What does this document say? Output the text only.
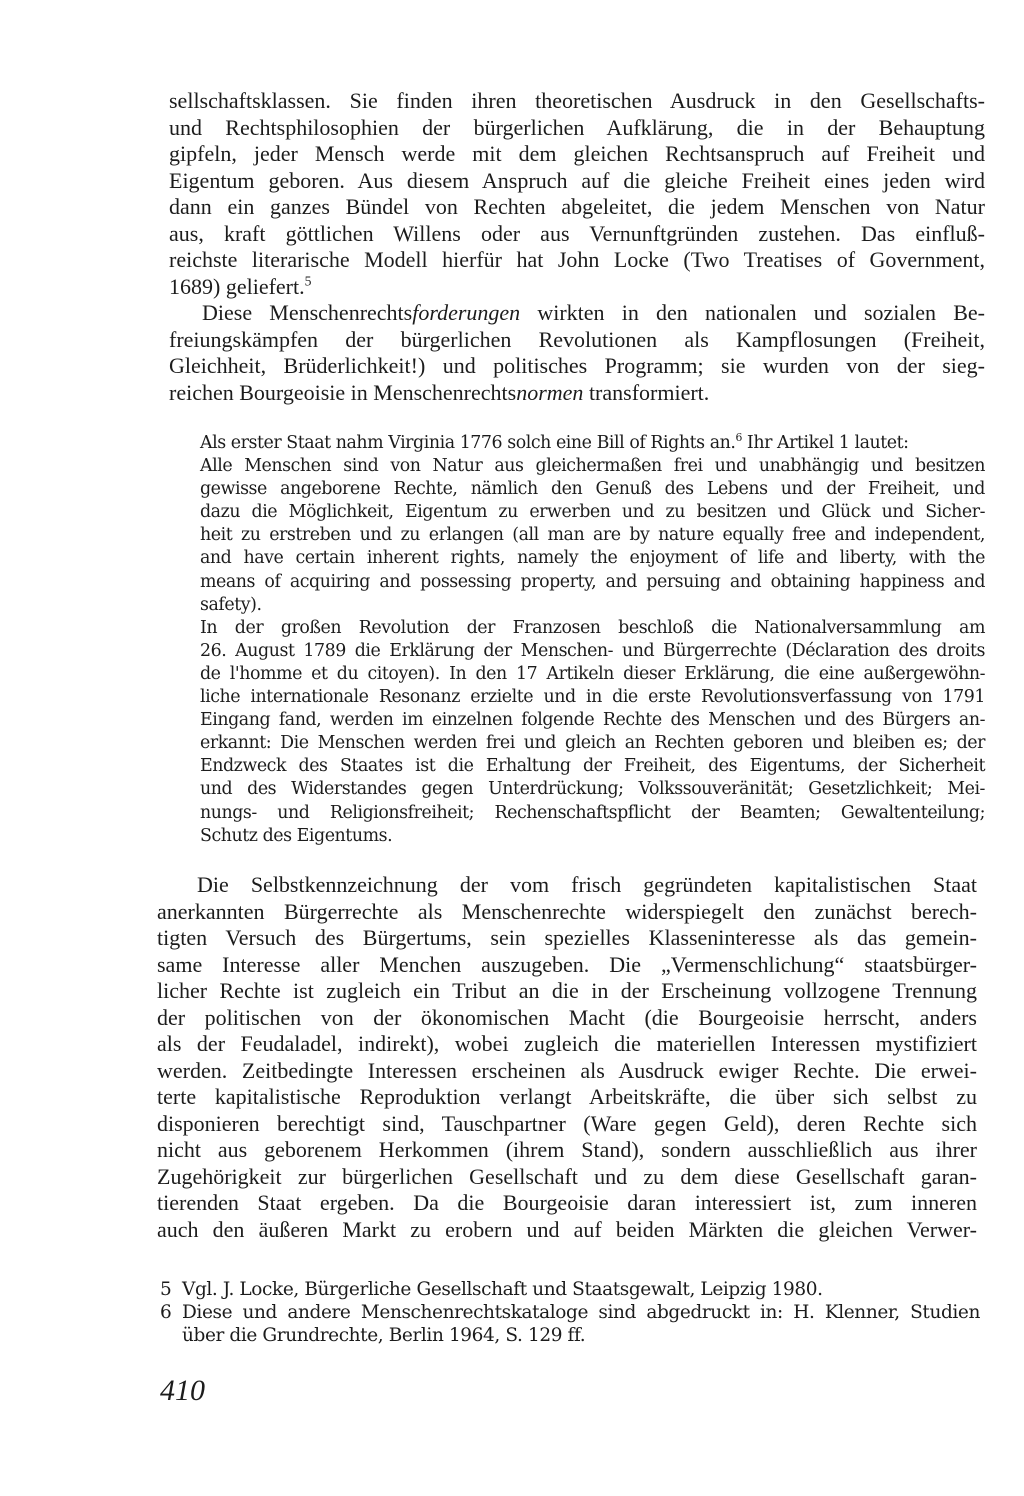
sellschaftsklassen. Sie finden ihren theoretischen Ausdruck in den Gesellschafts-
und Rechtsphilosophien der bürgerlichen Aufklärung, die in der Behauptung
gipfeln, jeder Mensch werde mit dem gleichen Rechtsanspruch auf Freiheit und
Eigentum geboren. Aus diesem Anspruch auf die gleiche Freiheit eines jeden wird
dann ein ganzes Bündel von Rechten abgeleitet, die jedem Menschen von Natur
aus, kraft göttlichen Willens oder aus Vernunftgründen zustehen. Das einfluß-
reichste literarische Modell hierfür hat John Locke (Two Treatises of Government,
1689) geliefert.$^5$
Diese Menschenrechtsforderungen wirkten in den nationalen und sozialen Be-
freiungskämpfen der bürgerlichen Revolutionen als Kampflosungen (Freiheit,
Gleichheit, Brüderlichkeit!) und politisches Programm; sie wurden von der sieg-
reichen Bourgeoisie in Menschenrechtsnormen transformiert.
Als erster Staat nahm Virginia 1776 solch eine Bill of Rights an.$^6$ Ihr Artikel 1 lautet:
Alle Menschen sind von Natur aus gleichermaßen frei und unabhängig und besitzen
gewisse angeborene Rechte, nämlich den Genuß des Lebens und der Freiheit, und
dazu die Möglichkeit, Eigentum zu erwerben und zu besitzen und Glück und Sicher-
heit zu erstreben und zu erlangen (all man are by nature equally free and independent,
and have certain inherent rights, namely the enjoyment of life and liberty, with the
means of acquiring and possessing property, and persuing and obtaining happiness and
safety).
In der großen Revolution der Franzosen beschloß die Nationalversammlung am
26. August 1789 die Erklärung der Menschen- und Bürgerrechte (Déclaration des droits
de l'homme et du citoyen). In den 17 Artikeln dieser Erklärung, die eine außergewöhn-
liche internationale Resonanz erzielte und in die erste Revolutionsverfassung von 1791
Eingang fand, werden im einzelnen folgende Rechte des Menschen und des Bürgers an-
erkannt: Die Menschen werden frei und gleich an Rechten geboren und bleiben es; der
Endzweck des Staates ist die Erhaltung der Freiheit, des Eigentums, der Sicherheit
und des Widerstandes gegen Unterdrückung; Volkssouveränität; Gesetzlichkeit; Mei-
nungs- und Religionsfreiheit; Rechenschaftspflicht der Beamten; Gewaltenteilung;
Schutz des Eigentums.
Die Selbstkennzeichnung der vom frisch gegründeten kapitalistischen Staat
anerkannten Bürgerrechte als Menschenrechte widerspiegelt den zunächst berech-
tigten Versuch des Bürgertums, sein spezielles Klasseninteresse als das gemein-
same Interesse aller Menchen auszugeben. Die „Vermenschlichung“ staatsbürger-
licher Rechte ist zugleich ein Tribut an die in der Erscheinung vollzogene Trennung
der politischen von der ökonomischen Macht (die Bourgeoisie herrscht, anders
als der Feudaladel, indirekt), wobei zugleich die materiellen Interessen mystifiziert
werden. Zeitbedingte Interessen erscheinen als Ausdruck ewiger Rechte. Die erwei-
terte kapitalistische Reproduktion verlangt Arbeitskräfte, die über sich selbst zu
disponieren berechtigt sind, Tauschpartner (Ware gegen Geld), deren Rechte sich
nicht aus geborenem Herkommen (ihrem Stand), sondern ausschließlich aus ihrer
Zugehörigkeit zur bürgerlichen Gesellschaft und zu dem diese Gesellschaft garan-
tierenden Staat ergeben. Da die Bourgeoisie daran interessiert ist, zum inneren
auch den äußeren Markt zu erobern und auf beiden Märkten die gleichen Verwer-
5 Vgl. J. Locke, Bürgerliche Gesellschaft und Staatsgewalt, Leipzig 1980.
6 Diese und andere Menschenrechtskataloge sind abgedruckt in: H. Klenner, Studien
über die Grundrechte, Berlin 1964, S. 129 ff.
410
